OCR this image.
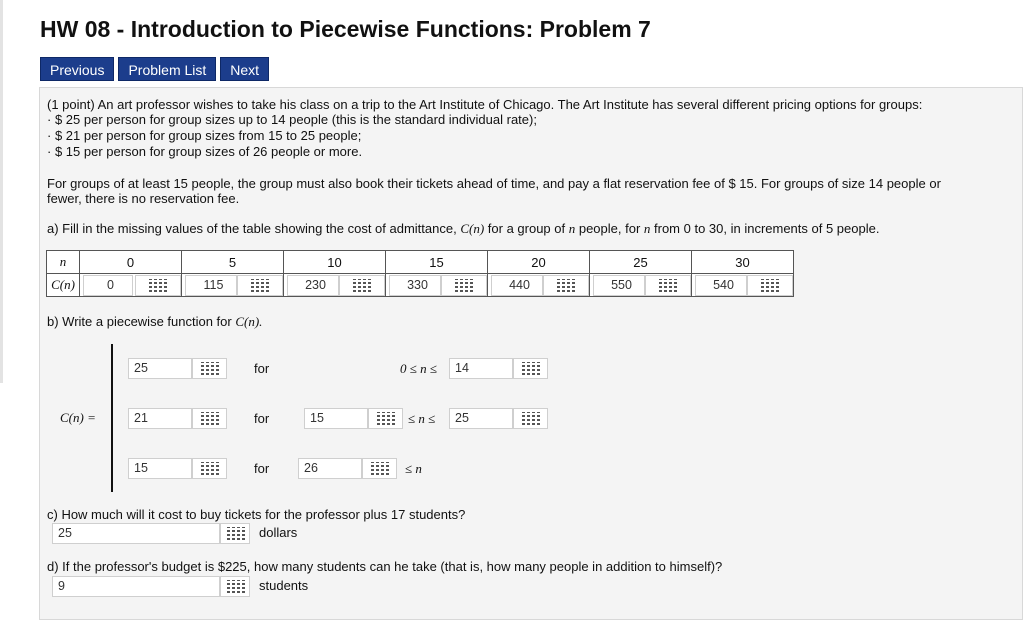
HW 08 - Introduction to Piecewise Functions: Problem 7
Previous	Problem List	Next

(1 point) An art professor wishes to take his class on a trip to the Art Institute of Chicago. The Art Institute has several different pricing options for groups:

· $ 25 per person for group sizes up to 14 people (this is the standard individual rate);

· $ 21 per person for group sizes from 15 to 25 people;

· $ 15 per person for group sizes of 26 people or more.

For groups of at least 15 people, the group must also book their tickets ahead of time, and pay a flat reservation fee of $ 15. For groups of size 14 people or

fewer, there is no reservation fee.

a) Fill in the missing values of the table showing the cost of admittance, C(n) for a group of n people, for n from 0 to 30, in increments of 5 people.

n	0	5	10	15	20	25	30
C(n)	0	115	230	330	440	550	540

b) Write a piecewise function for C(n).

C(n) =
25	for	0 ≤ n ≤	14
21	for	15	≤ n ≤	25
15	for	26	≤ n

c) How much will it cost to buy tickets for the professor plus 17 students?

25	dollars

d) If the professor's budget is $225, how many students can he take (that is, how many people in addition to himself)?

9	students
